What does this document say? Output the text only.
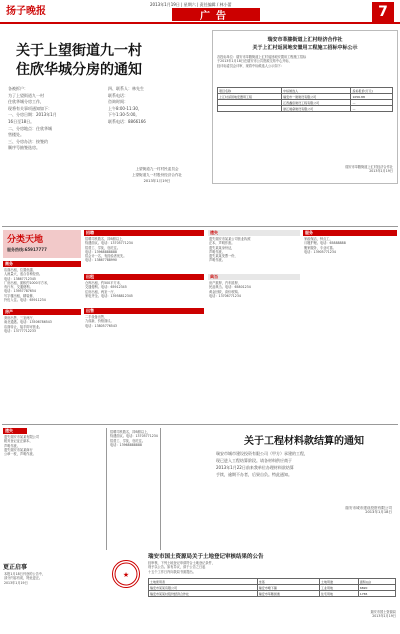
扬子晚报
2013年1月19日 | 星期六 | 责任编辑 / 林小蕾
广告	7
关于上望街道九一村
住欣华城分房的通知
各被拆户：
为了上望街道九一村
住欣华城分房工作，
现将有关事项通知如下：
一、分房日期：2013年1月
16日至18日。
二、分房地点：住欣华城
售楼处。
三、分房办法：按签约
顺序号抽签选房。
四、联系人：林先生
联系电话：
咨询时间：
上午8:00-11:30，
下午1:30-5:00。
联系电话：8866166
上望街道九一村村民委员会
上望街道九一村股份经济合作社
2013年1月19日
瑞安市莘塍街道上汇村经济合作社
关于上汇村返回地安置用工程施工招标中标公示
各投标单位：瑞安市莘塍街道上汇村返回地安置用工程施工招标
于2013年1月18日在瑞安市公共资源交易中心开标，
经评标委员会评审，现将中标候选人公示如下：
项目名称	中标候选人	投标报价(万元)
上汇村返回地安置用工程	瑞安市一建建设有限公司	1056.88
	江西鑫宸建设工程有限公司	—
	浙江晨鼎建设有限公司	—
瑞安市莘塍街道上汇村经济合作社
2013年1月19日
分类天地
服务热线:65917777
商务
店面出租，位置优越，
人流量大，适合各种经营。
电话：13867712345
厂房出租，面积约1000平方米，
有行车，交通便利。
电话：13957787654
写字楼出租，精装修，
拎包入住。电话：65911234
房产
套房出售，三室两厅，
南北通透。电话：13506786543
店面转让，接手即可营业。
电话：13777712233
招聘
招聘司机数名，持B照以上，
待遇面议。电话：13705771234
招普工、学徒，包吃住。
电话：13968888888
招会计一名，有经验者优先。
电话：13867788990
出租
仓库出租，约500平方米，
交通便利。电话：65912345
住房出租，两室一厅，
家电齐全。电话：13958812345
出售
二手设备出售，
九成新，价格面议。
电话：13805776543
遗失
遗失瑞安市某某公司营业执照
正本，声明作废。
遗失某某身份证，
声明作废。
遗失某某发票一份，
声明作废。
典当
房产抵押，汽车抵押，
民品典当。电话：65801234
黄金回收，高价收购。
电话：13706771234
服务
家政保洁，钟点工，
月嫂护理。电话：65888888
搬家服务，专业可靠。
电话：13905771234
遗失
遗失瑞安市某某有限公司
税务登记证正副本，
声明作废。
遗失瑞安市某某商行
公章一枚，声明作废。
更正启事
本报1月18日刊登的公告中，
部分内容有误，特此更正。
2013年1月19日
招聘司机数名，持B照以上，
待遇面议。电话：13705771234
招普工、学徒，包吃住。
电话：13968888888	关于工程材料款结算的通知
瑞安市城市建设投资有限公司（甲方）承建的工程，
现已进入工程结算阶段。请各材料供应商于
2013年1月22日前来我单位办理材料款结算
手续，逾期不办者，后果自负。特此通知。
瑞安市城市建设投资有限公司
2013年1月18日
瑞安市国土资源局关于土地登记审核结果的公告
经审核，下列土地登记申请符合土地登记条件，
现予以公告。如有异议，请于公告之日起
十五个工作日内向我局书面提出。
★
土地使用者	坐落	土地用途	面积(㎡)
瑞安市某某有限公司	瑞安市塘下镇	工业用地	6820
瑞安市某某村股份经济合作社	瑞安市莘塍街道	住宅用地	1765
瑞安市国土资源局
2013年1月19日
